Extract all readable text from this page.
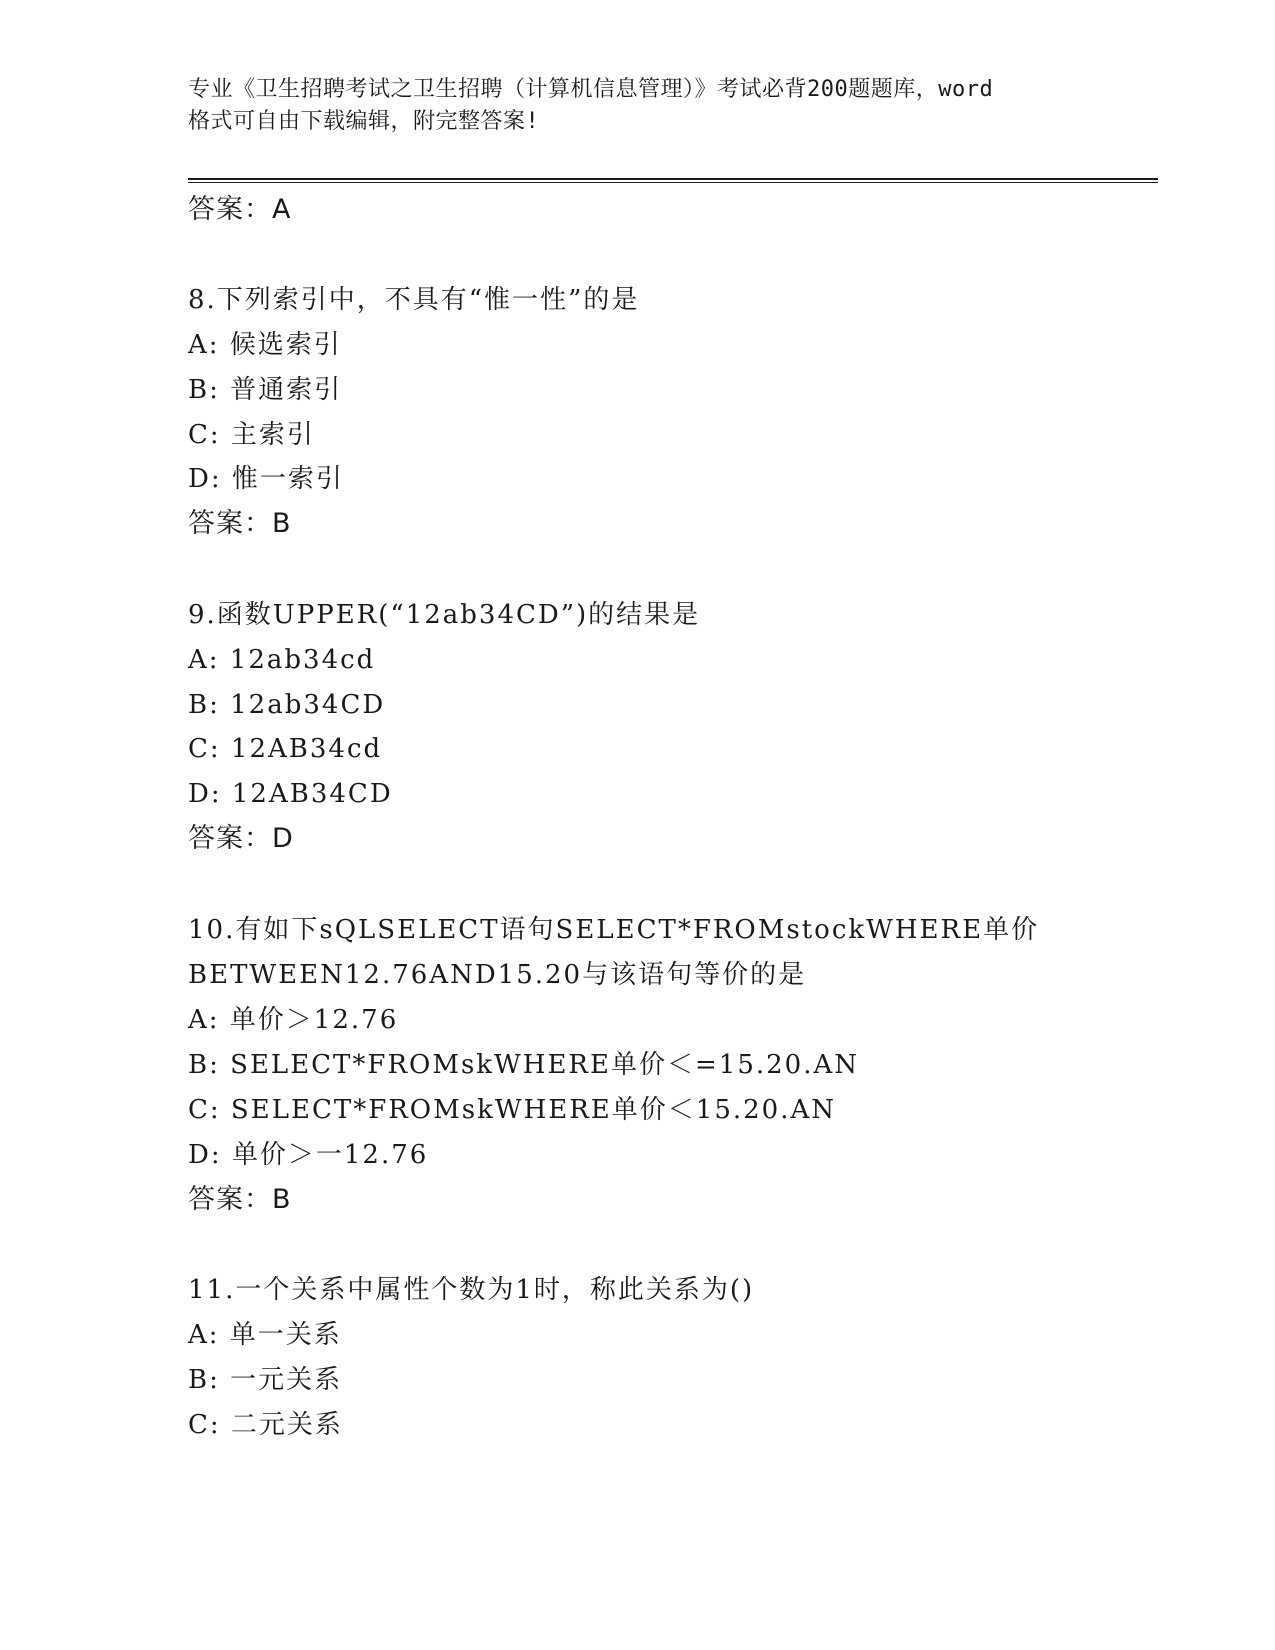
专业《卫生招聘考试之卫生招聘（计算机信息管理）》考试必背200题题库，word
格式可自由下载编辑，附完整答案!
答案：A
8.下列索引中，不具有“惟一性”的是
A: 候选索引
B: 普通索引
C: 主索引
D: 惟一索引
答案：B
9.函数UPPER(“12ab34CD”)的结果是
A: 12ab34cd
B: 12ab34CD
C: 12AB34cd
D: 12AB34CD
答案：D
10.有如下sQLSELECT语句SELECT*FROMstockWHERE单价
BETWEEN12.76AND15.20与该语句等价的是
A: 单价＞12.76
B: SELECT*FROMskWHERE单价＜=15.20.AN
C: SELECT*FROMskWHERE单价＜15.20.AN
D: 单价＞一12.76
答案：B
11.一个关系中属性个数为1时，称此关系为()
A: 单一关系
B: 一元关系
C: 二元关系
